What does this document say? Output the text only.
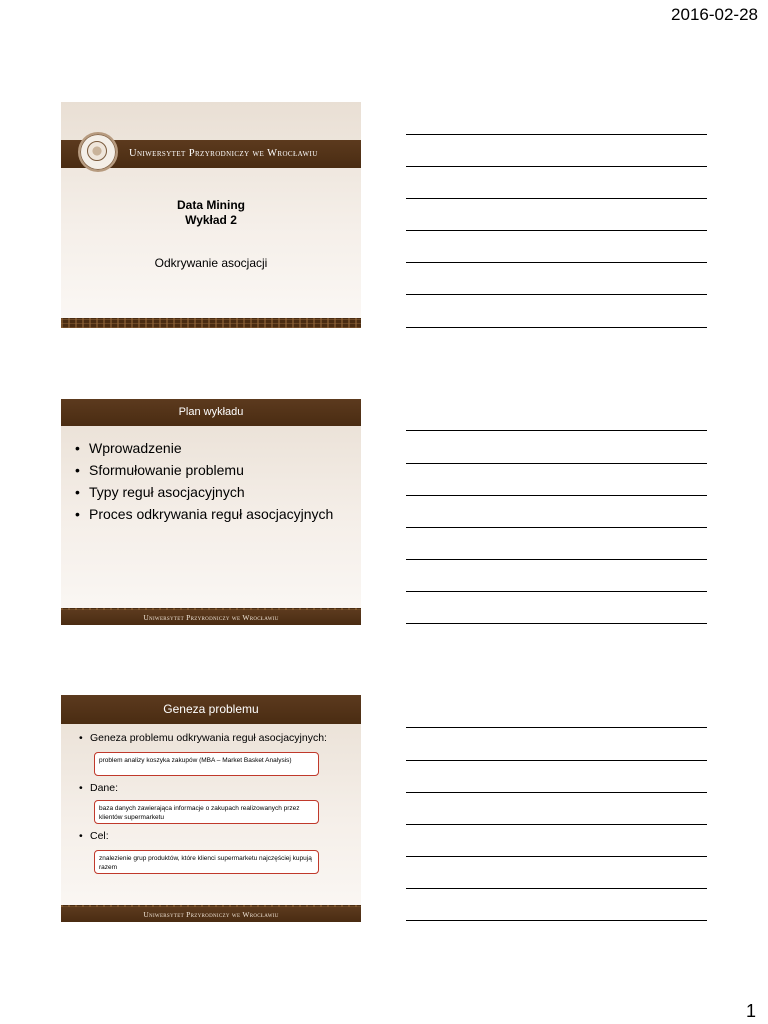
2016-02-28
Uniwersytet Przyrodniczy we Wrocławiu
Data Mining
Wykład 2
Odkrywanie asocjacji
Plan wykładu
• Wprowadzenie
• Sformułowanie problemu
• Typy reguł asocjacyjnych
• Proces odkrywania reguł asocjacyjnych
Uniwersytet Przyrodniczy we Wrocławiu
Geneza problemu
• Geneza problemu odkrywania reguł asocjacyjnych:
problem analizy koszyka zakupów (MBA – Market Basket Analysis)
• Dane:
baza danych zawierająca informacje o zakupach realizowanych przez klientów supermarketu
• Cel:
znalezienie grup produktów, które klienci supermarketu najczęściej kupują razem
Uniwersytet Przyrodniczy we Wrocławiu
1
